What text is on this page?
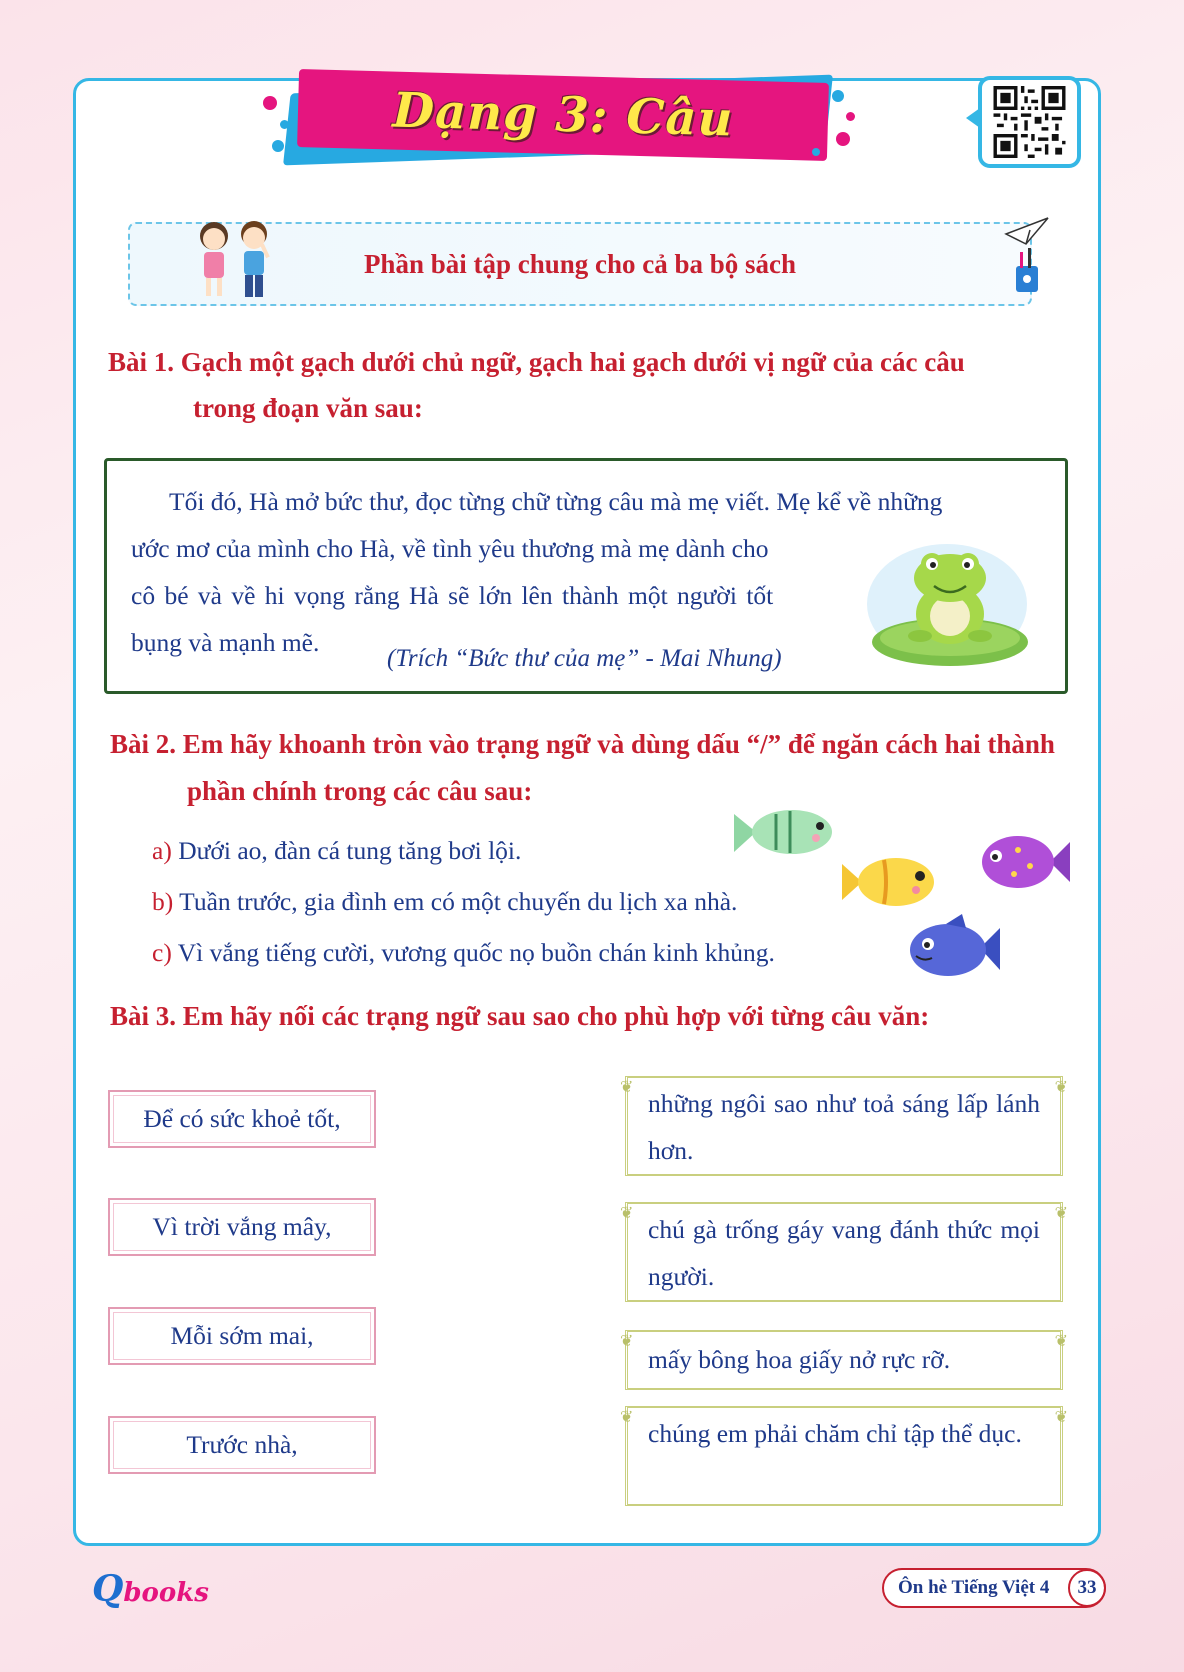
Dạng 3: Câu
Phần bài tập chung cho cả ba bộ sách
Bài 1. Gạch một gạch dưới chủ ngữ, gạch hai gạch dưới vị ngữ của các câu
trong đoạn văn sau:
Tối đó, Hà mở bức thư, đọc từng chữ từng câu mà mẹ viết. Mẹ kể về những
ước mơ của mình cho Hà, về tình yêu thương mà mẹ dành cho
cô bé và về hi vọng rằng Hà sẽ lớn lên thành một người tốt
bụng và mạnh mẽ.
(Trích “Bức thư của mẹ” - Mai Nhung)
Bài 2. Em hãy khoanh tròn vào trạng ngữ và dùng dấu “/” để ngăn cách hai thành
phần chính trong các câu sau:
a) Dưới ao, đàn cá tung tăng bơi lội.
b) Tuần trước, gia đình em có một chuyến du lịch xa nhà.
c) Vì vắng tiếng cười, vương quốc nọ buồn chán kinh khủng.
Bài 3. Em hãy nối các trạng ngữ sau sao cho phù hợp với từng câu văn:
Để có sức khoẻ tốt,
Vì trời vắng mây,
Mỗi sớm mai,
Trước nhà,
❦ những ngôi sao như toả sáng lấp lánh hơn. ❦
❦ chú gà trống gáy vang đánh thức mọi người. ❦
❦ mấy bông hoa giấy nở rực rỡ. ❦
❦ chúng em phải chăm chỉ tập thể dục. ❦
Qbooks	Ôn hè Tiếng Việt 4	33
